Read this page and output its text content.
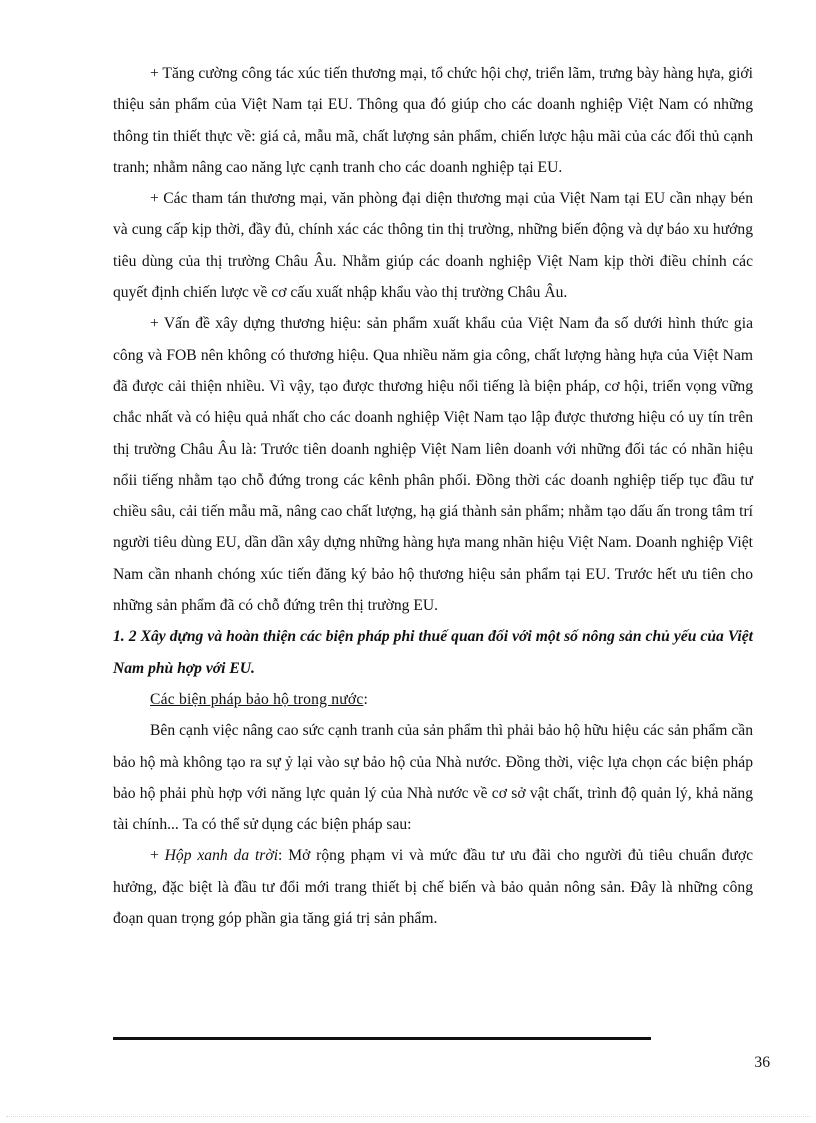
+ Tăng cường công tác xúc tiến thương mại, tổ chức hội chợ, triển lãm, trưng bày hàng hựa, giới thiệu sản phẩm của Việt Nam tại EU. Thông qua đó giúp cho các doanh nghiệp Việt Nam có những thông tin thiết thực về: giá cả, mẫu mã, chất lượng sản phẩm, chiến lược hậu mãi của các đối thủ cạnh tranh; nhằm nâng cao năng lực cạnh tranh cho các doanh nghiệp tại EU.

+ Các tham tán thương mại, văn phòng đại diện thương mại của Việt Nam tại EU cần nhạy bén và cung cấp kịp thời, đầy đủ, chính xác các thông tin thị trường, những biến động và dự báo xu hướng tiêu dùng của thị trường Châu Âu. Nhằm giúp các doanh nghiệp Việt Nam kịp thời điều chỉnh các quyết định chiến lược về cơ cấu xuất nhập khẩu vào thị trường Châu Âu.

+ Vấn đề xây dựng thương hiệu: sản phẩm xuất khẩu của Việt Nam đa số dưới hình thức gia công và FOB nên không có thương hiệu. Qua nhiều năm gia công, chất lượng hàng hựa của Việt Nam đã được cải thiện nhiều. Vì vậy, tạo được thương hiệu nổi tiếng là biện pháp, cơ hội, triển vọng vững chắc nhất và có hiệu quả nhất cho các doanh nghiệp Việt Nam tạo lập được thương hiệu có uy tín trên thị trường Châu Âu là: Trước tiên doanh nghiệp Việt Nam liên doanh với những đối tác có nhãn hiệu nổii tiếng nhằm tạo chỗ đứng trong các kênh phân phối. Đồng thời các doanh nghiệp tiếp tục đầu tư chiều sâu, cải tiến mẫu mã, nâng cao chất lượng, hạ giá thành sản phẩm; nhằm tạo dấu ấn trong tâm trí người tiêu dùng EU, dần dần xây dựng những hàng hựa mang nhãn hiệu Việt Nam. Doanh nghiệp Việt Nam cần nhanh chóng xúc tiến đăng ký bảo hộ thương hiệu sản phẩm tại EU. Trước hết ưu tiên cho những sản phẩm đã có chỗ đứng trên thị trường EU.

1. 2 Xây dựng và hoàn thiện các biện pháp phi thuế quan đối với một số nông sản chủ yếu của Việt Nam phù hợp với EU.

Các biện pháp bảo hộ trong nước:

Bên cạnh việc nâng cao sức cạnh tranh của sản phẩm thì phải bảo hộ hữu hiệu các sản phẩm cần bảo hộ mà không tạo ra sự ỷ lại vào sự bảo hộ của Nhà nước. Đồng thời, việc lựa chọn các biện pháp bảo hộ phải phù hợp với năng lực quản lý của Nhà nước về cơ sở vật chất, trình độ quản lý, khả năng tài chính... Ta có thể sử dụng các biện pháp sau:

+ Hộp xanh da trời: Mở rộng phạm vi và mức đầu tư ưu đãi cho người đủ tiêu chuẩn được hưởng, đặc biệt là đầu tư đổi mới trang thiết bị chế biến và bảo quản nông sản. Đây là những công đoạn quan trọng góp phần gia tăng giá trị sản phẩm.

36
